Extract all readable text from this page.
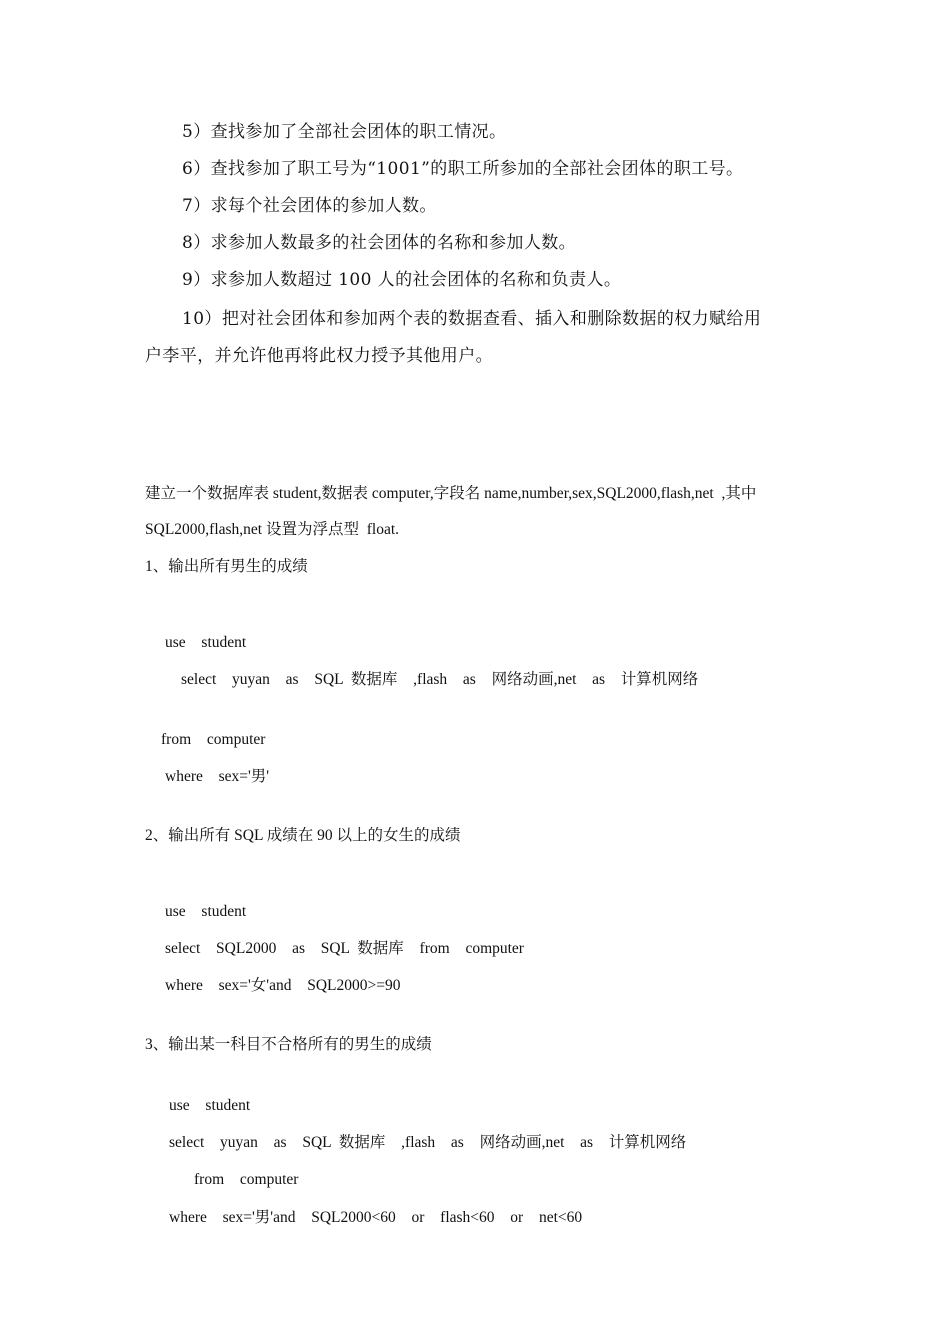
5）查找参加了全部社会团体的职工情况。
6）查找参加了职工号为“1001”的职工所参加的全部社会团体的职工号。
7）求每个社会团体的参加人数。
8）求参加人数最多的社会团体的名称和参加人数。
9）求参加人数超过 100 人的社会团体的名称和负责人。
10）把对社会团体和参加两个表的数据查看、插入和删除数据的权力赋给用
户李平，并允许他再将此权力授予其他用户。
建立一个数据库表 student,数据表 computer,字段名 name,number,sex,SQL2000,flash,net  ,其中
SQL2000,flash,net 设置为浮点型  float.
1、输出所有男生的成绩
use  student
select  yuyan  as  SQL 数据库  ,flash  as  网络动画,net  as  计算机网络
from  computer
where  sex='男'
2、输出所有 SQL 成绩在 90 以上的女生的成绩
use  student
select  SQL2000  as  SQL 数据库  from  computer
where  sex='女'and  SQL2000>=90
3、输出某一科目不合格所有的男生的成绩
use  student
select  yuyan  as  SQL 数据库  ,flash  as  网络动画,net  as  计算机网络
from  computer
where  sex='男'and  SQL2000<60  or  flash<60  or  net<60
